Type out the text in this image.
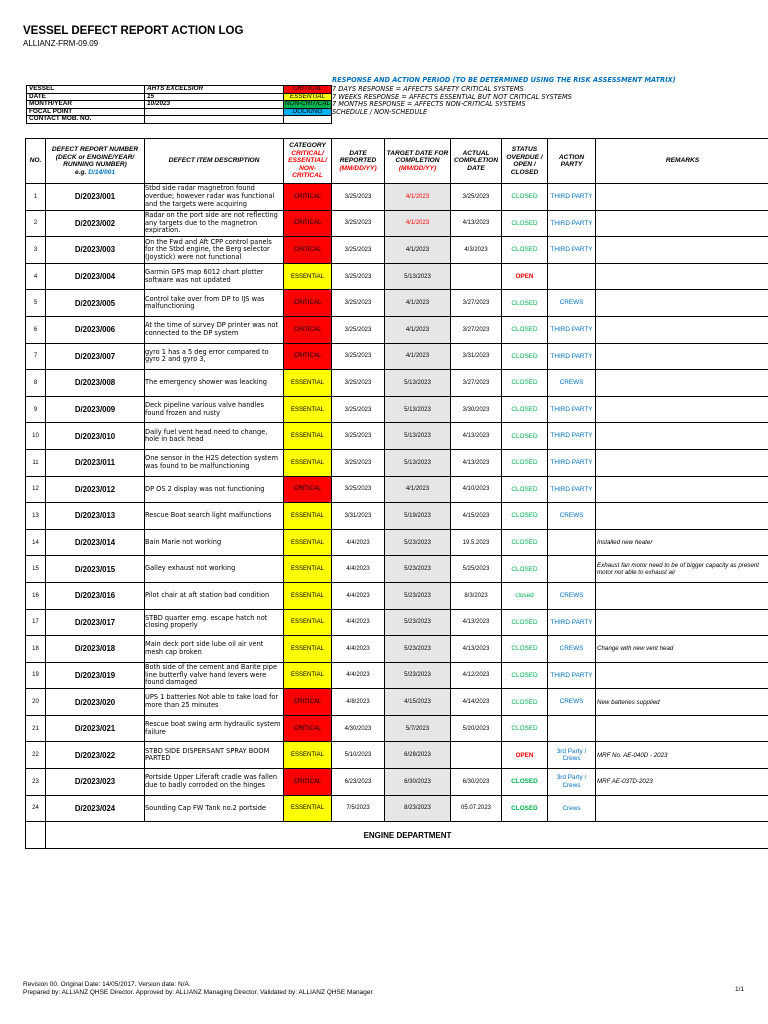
VESSEL DEFECT REPORT ACTION LOG
ALLIANZ-FRM-09.09
VESSEL	AHTS EXCELSIOR	CRITICAL	RESPONSE AND ACTION PERIOD (TO BE DETERMINED USING THE RISK ASSESSMENT MATRIX)
7 DAYS RESPONSE = AFFECTS SAFETY CRITICAL SYSTEMS
DATE	15	ESSENTIAL	7 WEEKS RESPONSE = AFFECTS ESSENTIAL BUT NOT CRITICAL SYSTEMS
MONTH/YEAR	10/2023	NON-CRITICAL	7 MONTHS RESPONSE = AFFECTS NON-CRITICAL SYSTEMS
FOCAL POINT		DOCKING	SCHEDULE / NON-SCHEDULE
CONTACT MOB. NO.			
NO.	DEFECT REPORT NUMBER
(DECK or ENGINE/YEAR/
RUNNING NUMBER)
e.g. D/14/001	DEFECT ITEM DESCRIPTION	CATEGORY
CRITICAL/
ESSENTIAL/
NON-CRITICAL	DATE
REPORTED
(MM/DD/YY)	TARGET DATE FOR
COMPLETION
(MM/DD/YY)	ACTUAL
COMPLETION
DATE	STATUS
OVERDUE /
OPEN /
CLOSED	ACTION
PARTY	REMARKS
1	D/2023/001	Stbd side radar magnetron found overdue; however radar was functional and the targets were acquiring	CRITICAL	3/25/2023	4/1/2023	3/25/2023	CLOSED	THIRD PARTY	
2	D/2023/002	Radar on the port side are not reflecting any targets due to the magnetron expiration.	CRITICAL	3/25/2023	4/1/2023	4/13/2023	CLOSED	THIRD PARTY	
3	D/2023/003	On the Fwd and Aft CPP control panels for the Stbd engine, the Berg selector (Joystick) were not functional	CRITICAL	3/25/2023	4/1/2023	4/3/2023	CLOSED	THIRD PARTY	
4	D/2023/004	Garmin GPS map 6012 chart plotter software was not updated	ESSENTIAL	3/25/2023	5/13/2023		OPEN		
5	D/2023/005	Control take over from DP to IJS was malfunctioning	CRITICAL	3/25/2023	4/1/2023	3/27/2023	CLOSED	CREWS	
6	D/2023/006	At the time of survey DP printer was not connected to the DP system	CRITICAL	3/25/2023	4/1/2023	3/27/2023	CLOSED	THIRD PARTY	
7	D/2023/007	gyro 1 has a 5 deg error compared to gyro 2 and gyro 3,	CRITICAL	3/25/2023	4/1/2023	3/31/2023	CLOSED	THIRD PARTY	
8	D/2023/008	The emergency shower was leacking	ESSENTIAL	3/25/2023	5/13/2023	3/27/2023	CLOSED	CREWS	
9	D/2023/009	Deck pipeline various valve handles found frozen and rusty	ESSENTIAL	3/25/2023	5/13/2023	3/30/2023	CLOSED	THIRD PARTY	
10	D/2023/010	Daily fuel vent head need to change, hole in back head	ESSENTIAL	3/25/2023	5/13/2023	4/13/2023	CLOSED	THIRD PARTY	
11	D/2023/011	One sensor in the H2S detection system was found to be malfunctioning	ESSENTIAL	3/25/2023	5/13/2023	4/13/2023	CLOSED	THIRD PARTY	
12	D/2023/012	DP OS 2 display was not functioning	CRITICAL	3/25/2023	4/1/2023	4/10/2023	CLOSED	THIRD PARTY	
13	D/2023/013	Rescue Boat search light malfunctions	ESSENTIAL	3/31/2023	5/19/2023	4/15/2023	CLOSED	CREWS	
14	D/2023/014	Bain Marie not working	ESSENTIAL	4/4/2023	5/23/2023	19.5.2023	CLOSED		Installed new heater
15	D/2023/015	Galley exhaust not working	ESSENTIAL	4/4/2023	5/23/2023	5/25/2023	CLOSED		Exhaust fan motor need to be of bigger capacity as present motor not able to exhaust air
16	D/2023/016	Pilot chair at aft station bad condition	ESSENTIAL	4/4/2023	5/23/2023	8/3/2023	closed	CREWS	
17	D/2023/017	STBD quarter emg. escape hatch not closing properly	ESSENTIAL	4/4/2023	5/23/2023	4/13/2023	CLOSED	THIRD PARTY	
18	D/2023/018	Main deck port side lube oil air vent mesh cap broken	ESSENTIAL	4/4/2023	5/23/2023	4/13/2023	CLOSED	CREWS	Change with new vent head
19	D/2023/019	Both side of the cement and Barite pipe line butterfly valve hand levers were found damaged	ESSENTIAL	4/4/2023	5/23/2023	4/12/2023	CLOSED	THIRD PARTY	
20	D/2023/020	UPS 1 batteries Not able to take load for more than 25 minutes	CRITICAL	4/8/2023	4/15/2023	4/14/2023	CLOSED	CREWS	New batteries supplied
21	D/2023/021	Rescue boat swing arm hydraulic system failure	CRITICAL	4/30/2023	5/7/2023	5/20/2023	CLOSED		
22	D/2023/022	STBD SIDE DISPERSANT SPRAY BOOM PARTED	ESSENTIAL	5/10/2023	6/28/2023		OPEN	3rd Party / Crews	MRF No. AE-040D - 2023
23	D/2023/023	Portside Upper Liferaft cradle was fallen due to badly corroded on the hinges	CRITICAL	6/23/2023	6/30/2023	6/30/2023	CLOSED	3rd Party / Crews	MRF AE-037D-2023
24	D/2023/024	Sounding Cap FW Tank no.2 portside	ESSENTIAL	7/5/2023	8/23/2023	05.07.2023	CLOSED	Crews	
	ENGINE DEPARTMENT								
Revision 00. Original Date: 14/05/2017. Version date: N/A.
Prepared by: ALLIANZ QHSE Director. Approved by: ALLIANZ Managing Director. Validated by: ALLIANZ QHSE Manager	1/1
